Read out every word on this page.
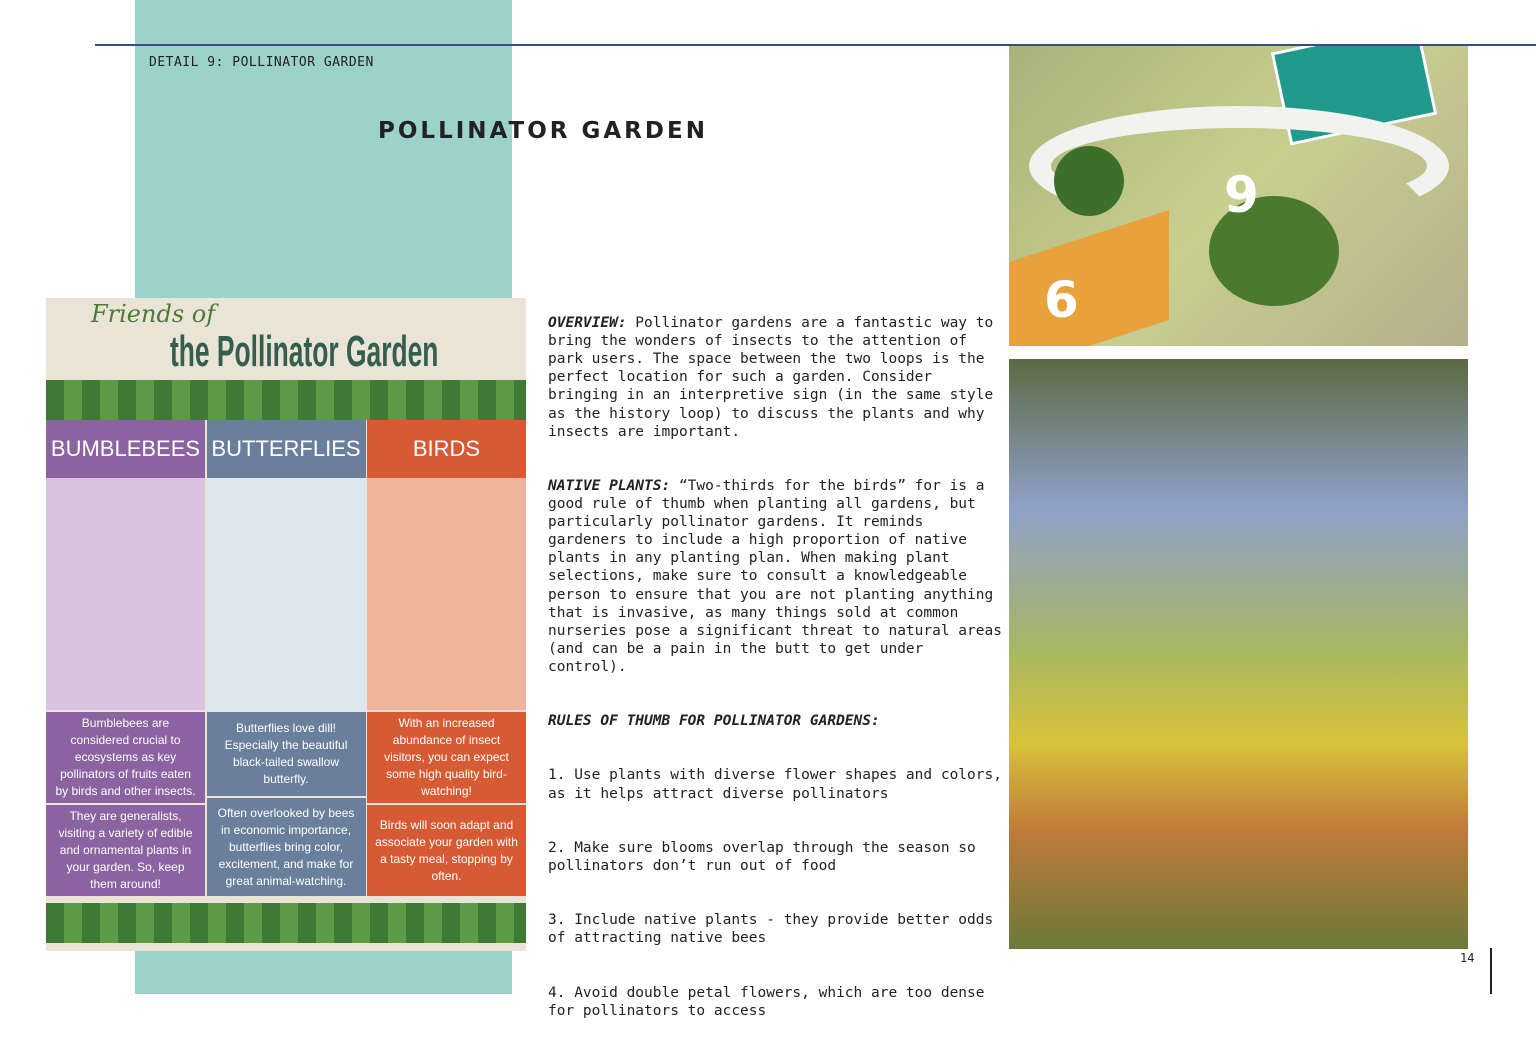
DETAIL 9: POLLINATOR GARDEN
POLLINATOR GARDEN
BUMBLEBEES
Bumblebees are considered crucial to ecosystems as key pollinators of fruits eaten by birds and other insects.
They are generalists, visiting a variety of edible and ornamental plants in your garden. So, keep them around!
BUTTERFLIES
Butterflies love dill! Especially the beautiful black-tailed swallow butterfly.
Often overlooked by bees in economic importance, butterflies bring color, excitement, and make for great animal-watching.
BIRDS
With an increased abundance of insect visitors, you can expect some high quality bird-watching!
Birds will soon adapt and associate your garden with a tasty meal, stopping by often.
Friends of
the Pollinator Garden

OVERVIEW: Pollinator gardens are a fantastic way to bring the wonders of insects to the attention of park users. The space between the two loops is the perfect location for such a garden. Consider bringing in an interpretive sign (in the same style as the history loop) to discuss the plants and why insects are important.

NATIVE PLANTS: “Two-thirds for the birds” for is a good rule of thumb when planting all gardens, but particularly pollinator gardens. It reminds gardeners to include a high proportion of native plants in any planting plan. When making plant selections, make sure to consult a knowledgeable person to ensure that you are not planting anything that is invasive, as many things sold at common nurseries pose a significant threat to natural areas (and can be a pain in the butt to get under control).

RULES OF THUMB FOR POLLINATOR GARDENS:

1. Use plants with diverse flower shapes and colors, as it helps attract diverse pollinators

2. Make sure blooms overlap through the season so pollinators don’t run out of food

3. Include native plants - they provide better odds of attracting native bees

4. Avoid double petal flowers, which are too dense for pollinators to access

9
6
14
